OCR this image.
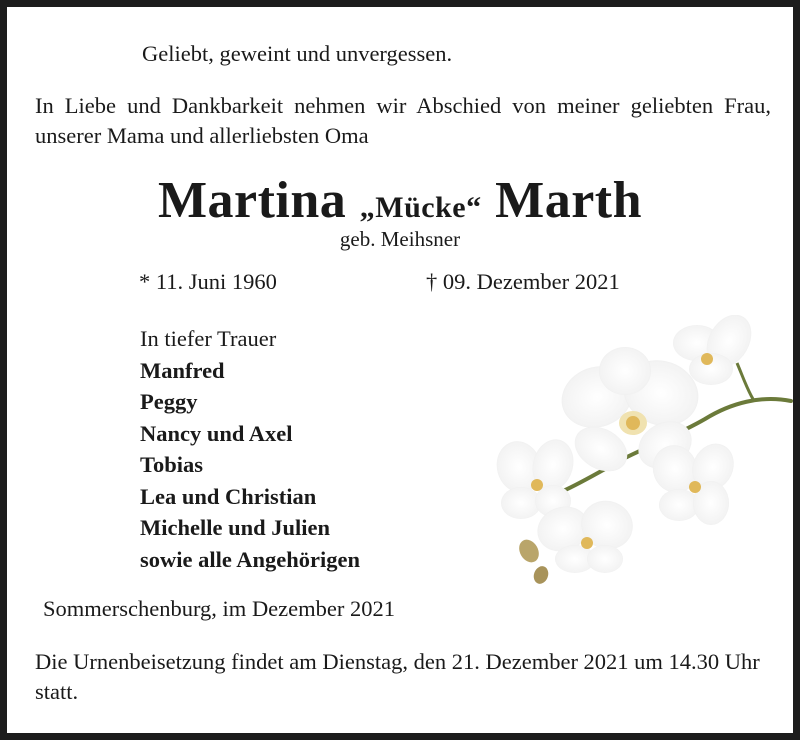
Geliebt, geweint und unvergessen.
In Liebe und Dankbarkeit nehmen wir Abschied von meiner geliebten Frau, unserer Mama und allerliebsten Oma
Martina „Mücke“ Marth
geb. Meihsner
* 11. Juni 1960	† 09. Dezember 2021
In tiefer Trauer
Manfred
Peggy
Nancy und Axel
Tobias
Lea und Christian
Michelle und Julien
sowie alle Angehörigen
Sommerschenburg, im Dezember 2021
Die Urnenbeisetzung findet am Dienstag, den 21. Dezember 2021 um 14.30 Uhr statt.
